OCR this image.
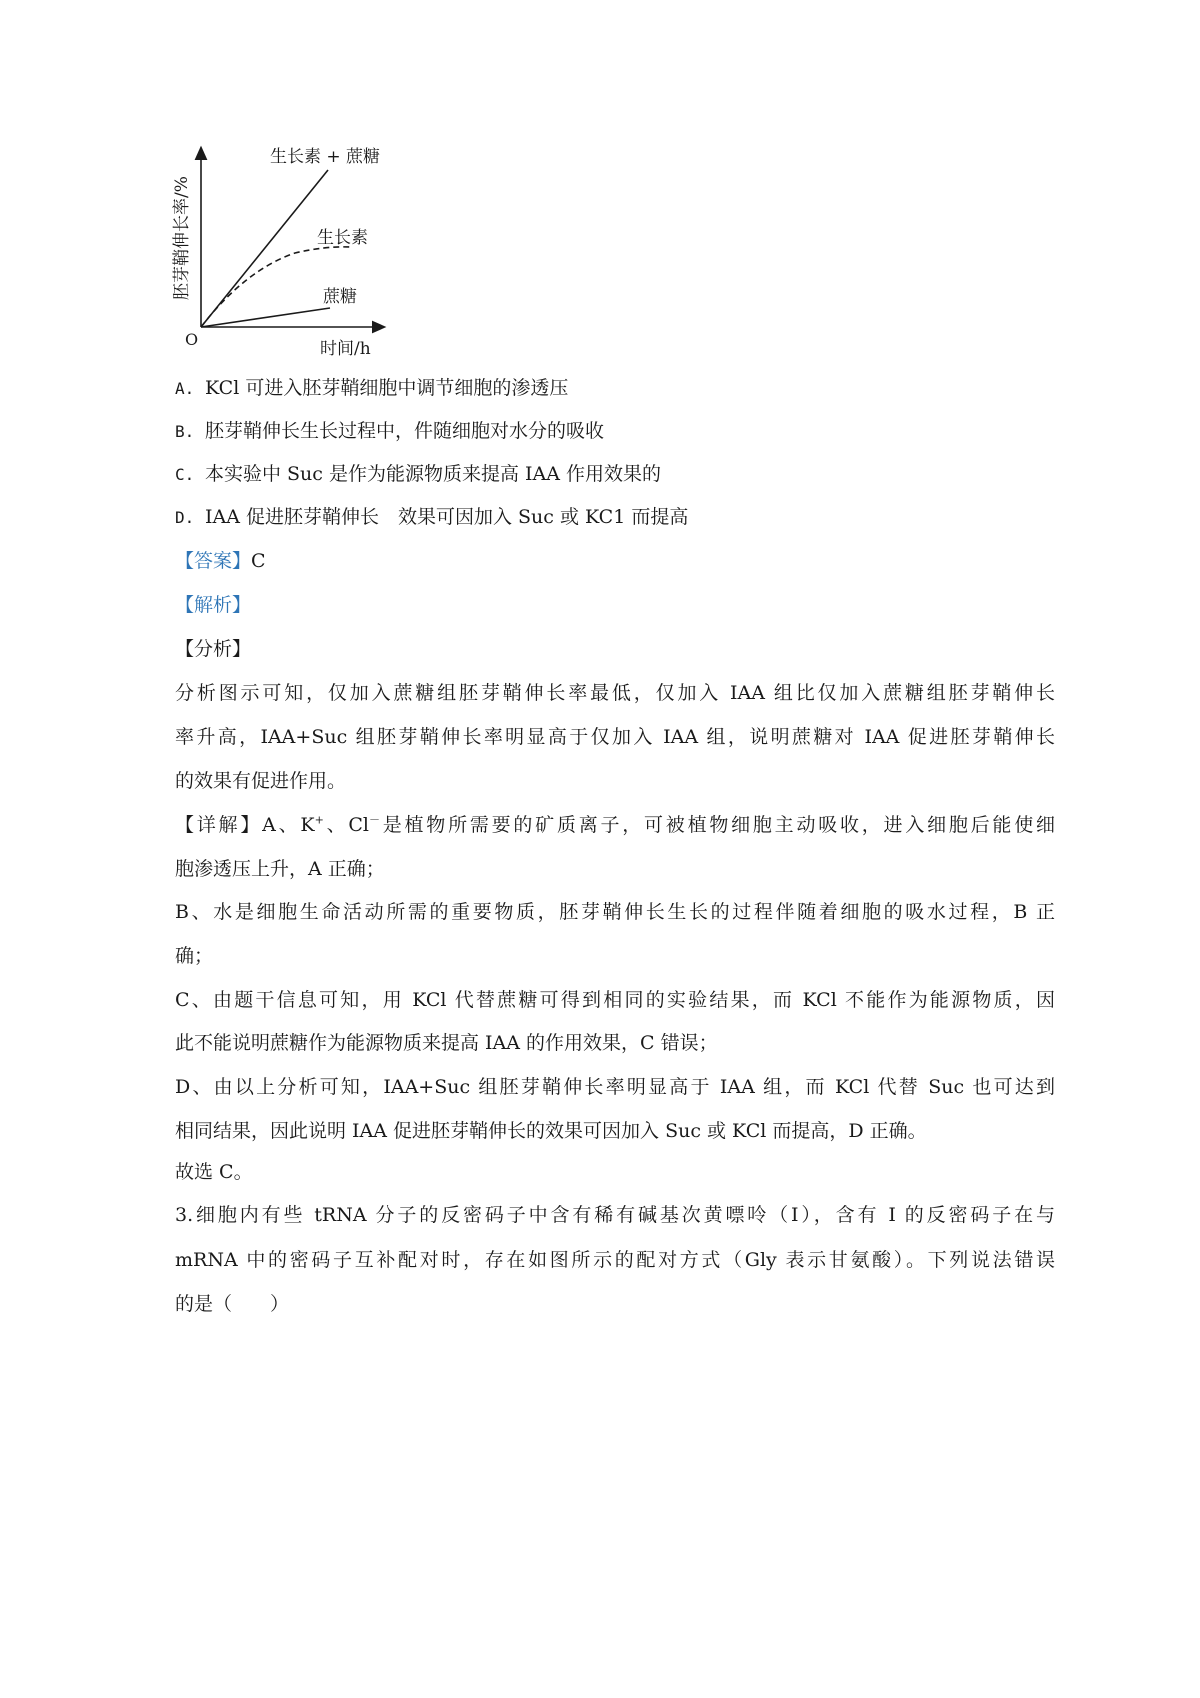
生长素 + 蔗糖
生长素
蔗糖
O	时间/h
胚芽鞘伸长率/%
A. KCl 可进入胚芽鞘细胞中调节细胞的渗透压
B. 胚芽鞘伸长生长过程中，件随细胞对水分的吸收
C. 本实验中 Suc 是作为能源物质来提高 IAA 作用效果的
D. IAA 促进胚芽鞘伸长　效果可因加入 Suc 或 KC1 而提高
【答案】C
【解析】
【分析】
分析图示可知，仅加入蔗糖组胚芽鞘伸长率最低，仅加入 IAA 组比仅加入蔗糖组胚芽鞘伸长
率升高，IAA+Suc 组胚芽鞘伸长率明显高于仅加入 IAA 组，说明蔗糖对 IAA 促进胚芽鞘伸长
的效果有促进作用。
【详解】A、K+、Cl－是植物所需要的矿质离子，可被植物细胞主动吸收，进入细胞后能使细
胞渗透压上升，A 正确；
B、水是细胞生命活动所需的重要物质，胚芽鞘伸长生长的过程伴随着细胞的吸水过程，B 正
确；
C、由题干信息可知，用 KCl 代替蔗糖可得到相同的实验结果，而 KCl 不能作为能源物质，因
此不能说明蔗糖作为能源物质来提高 IAA 的作用效果，C 错误；
D、由以上分析可知，IAA+Suc 组胚芽鞘伸长率明显高于 IAA 组，而 KCl 代替 Suc 也可达到
相同结果，因此说明 IAA 促进胚芽鞘伸长的效果可因加入 Suc 或 KCl 而提高，D 正确。
故选 C。
3.细胞内有些 tRNA 分子的反密码子中含有稀有碱基次黄嘌呤（I），含有 I 的反密码子在与
mRNA 中的密码子互补配对时，存在如图所示的配对方式（Gly 表示甘氨酸）。下列说法错误
的是（　　）
